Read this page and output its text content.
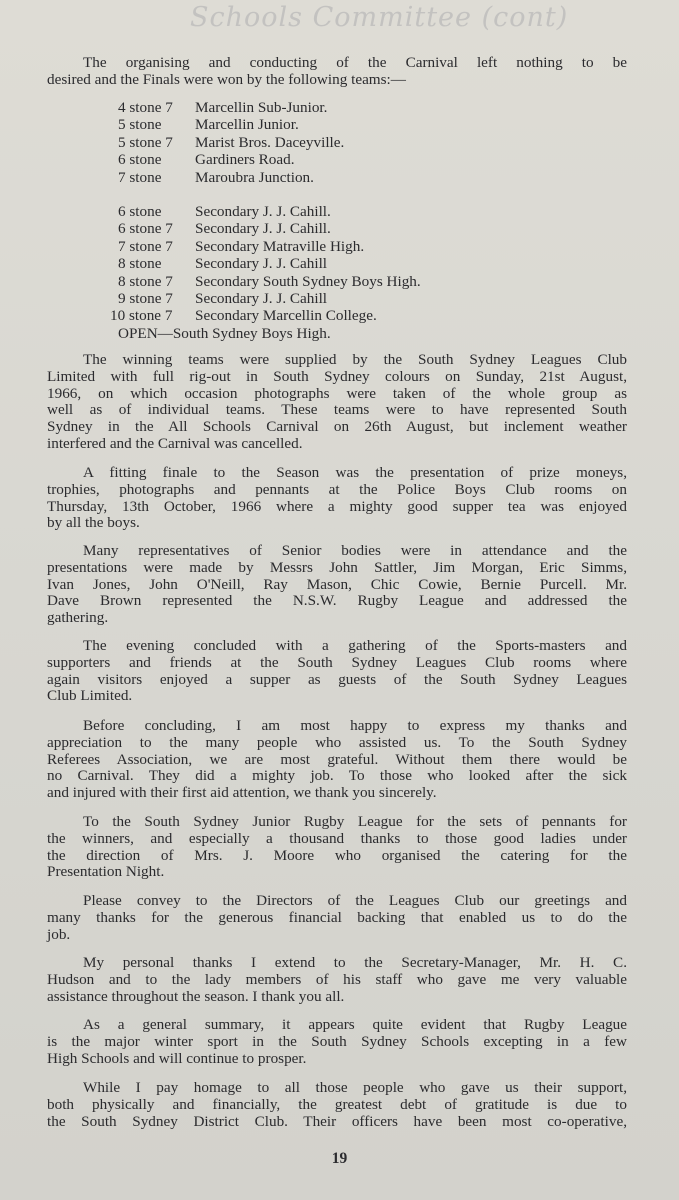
Schools Committee (cont)
The organising and conducting of the Carnival left nothing to be
desired and the Finals were won by the following teams:—
4 stone 7	Marcellin Sub-Junior.
5 stone	Marcellin Junior.
5 stone 7	Marist Bros. Daceyville.
6 stone	Gardiners Road.
7 stone	Maroubra Junction.
6 stone	Secondary J. J. Cahill.
6 stone 7	Secondary J. J. Cahill.
7 stone 7	Secondary Matraville High.
8 stone	Secondary J. J. Cahill
8 stone 7	Secondary South Sydney Boys High.
9 stone 7	Secondary J. J. Cahill
10 stone 7	Secondary Marcellin College.
OPEN—South Sydney Boys High.
The winning teams were supplied by the South Sydney Leagues Club
Limited with full rig-out in South Sydney colours on Sunday, 21st August,
1966, on which occasion photographs were taken of the whole group as
well as of individual teams. These teams were to have represented South
Sydney in the All Schools Carnival on 26th August, but inclement weather
interfered and the Carnival was cancelled.
A fitting finale to the Season was the presentation of prize moneys,
trophies, photographs and pennants at the Police Boys Club rooms on
Thursday, 13th October, 1966 where a mighty good supper tea was enjoyed
by all the boys.
Many representatives of Senior bodies were in attendance and the
presentations were made by Messrs John Sattler, Jim Morgan, Eric Simms,
Ivan Jones, John O'Neill, Ray Mason, Chic Cowie, Bernie Purcell. Mr.
Dave Brown represented the N.S.W. Rugby League and addressed the
gathering.
The evening concluded with a gathering of the Sports-masters and
supporters and friends at the South Sydney Leagues Club rooms where
again visitors enjoyed a supper as guests of the South Sydney Leagues
Club Limited.
Before concluding, I am most happy to express my thanks and
appreciation to the many people who assisted us. To the South Sydney
Referees Association, we are most grateful. Without them there would be
no Carnival. They did a mighty job. To those who looked after the sick
and injured with their first aid attention, we thank you sincerely.
To the South Sydney Junior Rugby League for the sets of pennants for
the winners, and especially a thousand thanks to those good ladies under
the direction of Mrs. J. Moore who organised the catering for the
Presentation Night.
Please convey to the Directors of the Leagues Club our greetings and
many thanks for the generous financial backing that enabled us to do the
job.
My personal thanks I extend to the Secretary-Manager, Mr. H. C.
Hudson and to the lady members of his staff who gave me very valuable
assistance throughout the season. I thank you all.
As a general summary, it appears quite evident that Rugby League
is the major winter sport in the South Sydney Schools excepting in a few
High Schools and will continue to prosper.
While I pay homage to all those people who gave us their support,
both physically and financially, the greatest debt of gratitude is due to
the South Sydney District Club. Their officers have been most co-operative,
19
